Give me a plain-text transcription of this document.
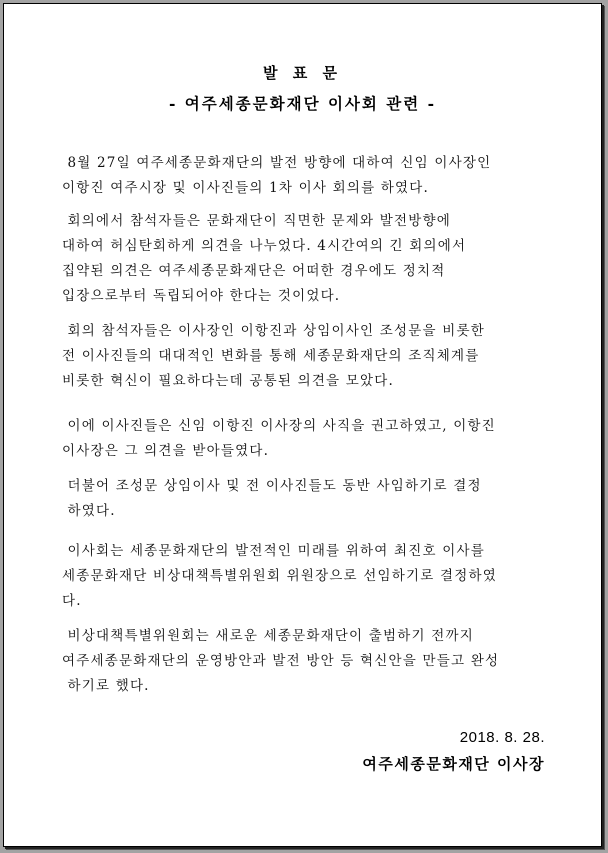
발 표 문
- 여주세종문화재단 이사회 관련 -
8월 27일 여주세종문화재단의 발전 방향에 대하여 신임 이사장인
이항진 여주시장 및 이사진들의 1차 이사 회의를 하였다.
회의에서 참석자들은 문화재단이 직면한 문제와 발전방향에
대하여 허심탄회하게 의견을 나누었다. 4시간여의 긴 회의에서
집약된 의견은 여주세종문화재단은 어떠한 경우에도 정치적
입장으로부터 독립되어야 한다는 것이었다.
회의 참석자들은 이사장인 이항진과 상임이사인 조성문을 비롯한
전 이사진들의 대대적인 변화를 통해 세종문화재단의 조직체계를
비롯한 혁신이 필요하다는데 공통된 의견을 모았다.
이에 이사진들은 신임 이항진 이사장의 사직을 권고하였고, 이항진
이사장은 그 의견을 받아들였다.
더불어 조성문 상임이사 및 전 이사진들도 동반 사임하기로 결정
하였다.
이사회는 세종문화재단의 발전적인 미래를 위하여 최진호 이사를
세종문화재단 비상대책특별위원회 위원장으로 선임하기로 결정하였
다.
비상대책특별위원회는 새로운 세종문화재단이 출범하기 전까지
여주세종문화재단의 운영방안과 발전 방안 등 혁신안을 만들고 완성
하기로 했다.
2018. 8. 28.
여주세종문화재단 이사장
